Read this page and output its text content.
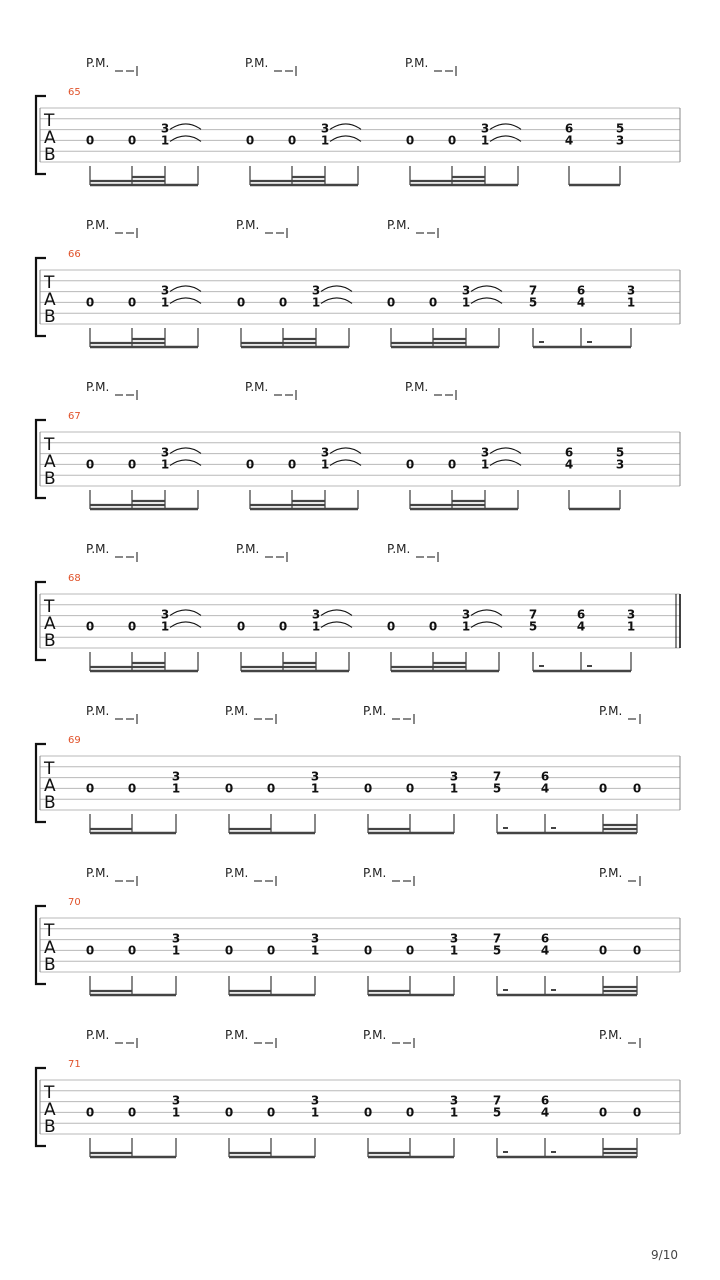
T
A
B
65
P.M.	P.M.	P.M.
0	0
3
1	0	0
3
1	0	0
3
1
6
4
5
3
T
A
B
66
P.M.	P.M.	P.M.
0	0
3
1	0	0
3
1	0	0
3
1
7
5
6
4
3
1
T
A
B
67
P.M.	P.M.	P.M.
0	0
3
1	0	0
3
1	0	0
3
1
6
4
5
3
T
A
B
68
P.M.	P.M.	P.M.
0	0
3
1	0	0
3
1	0	0
3
1
7
5
6
4
3
1
T
A
B
69
P.M.	P.M.	P.M.	P.M.
0	0
3
1	0	0
3
1	0	0
3
1
7
5
6
4	0 0
T
A
B
70
P.M.	P.M.	P.M.	P.M.
0	0
3
1	0	0
3
1	0	0
3
1
7
5
6
4	0 0
T
A
B
71
P.M.	P.M.	P.M.	P.M.
0	0
3
1	0	0
3
1	0	0
3
1
7
5
6
4	0 0
9/10
